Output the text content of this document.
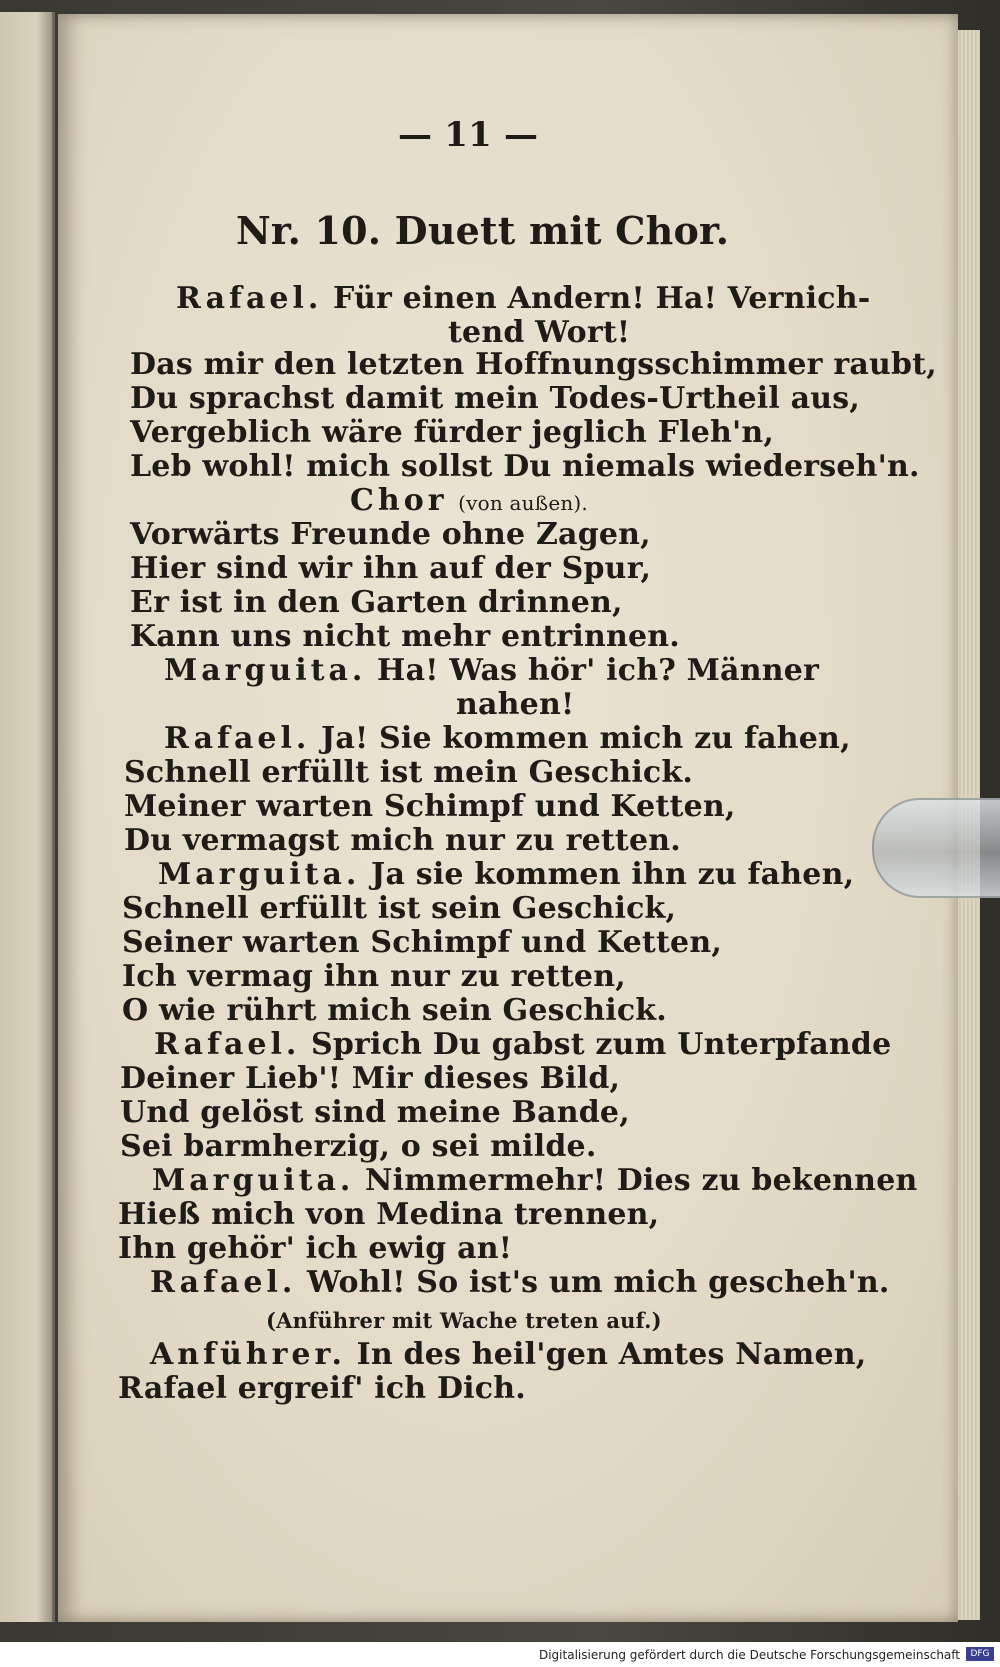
— 11 —
Nr. 10. Duett mit Chor.
Rafael. Für einen Andern! Ha! Vernich-
tend Wort!
Das mir den letzten Hoffnungsschimmer raubt,
Du sprachst damit mein Todes-Urtheil aus,
Vergeblich wäre fürder jeglich Fleh'n,
Leb wohl! mich sollst Du niemals wiederseh'n.
Chor (von außen).
Vorwärts Freunde ohne Zagen,
Hier sind wir ihn auf der Spur,
Er ist in den Garten drinnen,
Kann uns nicht mehr entrinnen.
Marguita. Ha! Was hör' ich? Männer
nahen!
Rafael. Ja! Sie kommen mich zu fahen,
Schnell erfüllt ist mein Geschick.
Meiner warten Schimpf und Ketten,
Du vermagst mich nur zu retten.
Marguita. Ja sie kommen ihn zu fahen,
Schnell erfüllt ist sein Geschick,
Seiner warten Schimpf und Ketten,
Ich vermag ihn nur zu retten,
O wie rührt mich sein Geschick.
Rafael. Sprich Du gabst zum Unterpfande
Deiner Lieb'! Mir dieses Bild,
Und gelöst sind meine Bande,
Sei barmherzig, o sei milde.
Marguita. Nimmermehr! Dies zu bekennen
Hieß mich von Medina trennen,
Ihn gehör' ich ewig an!
Rafael. Wohl! So ist's um mich gescheh'n.
(Anführer mit Wache treten auf.)
Anführer. In des heil'gen Amtes Namen,
Rafael ergreif' ich Dich.
Digitalisierung gefördert durch die Deutsche Forschungsgemeinschaft	DFG
